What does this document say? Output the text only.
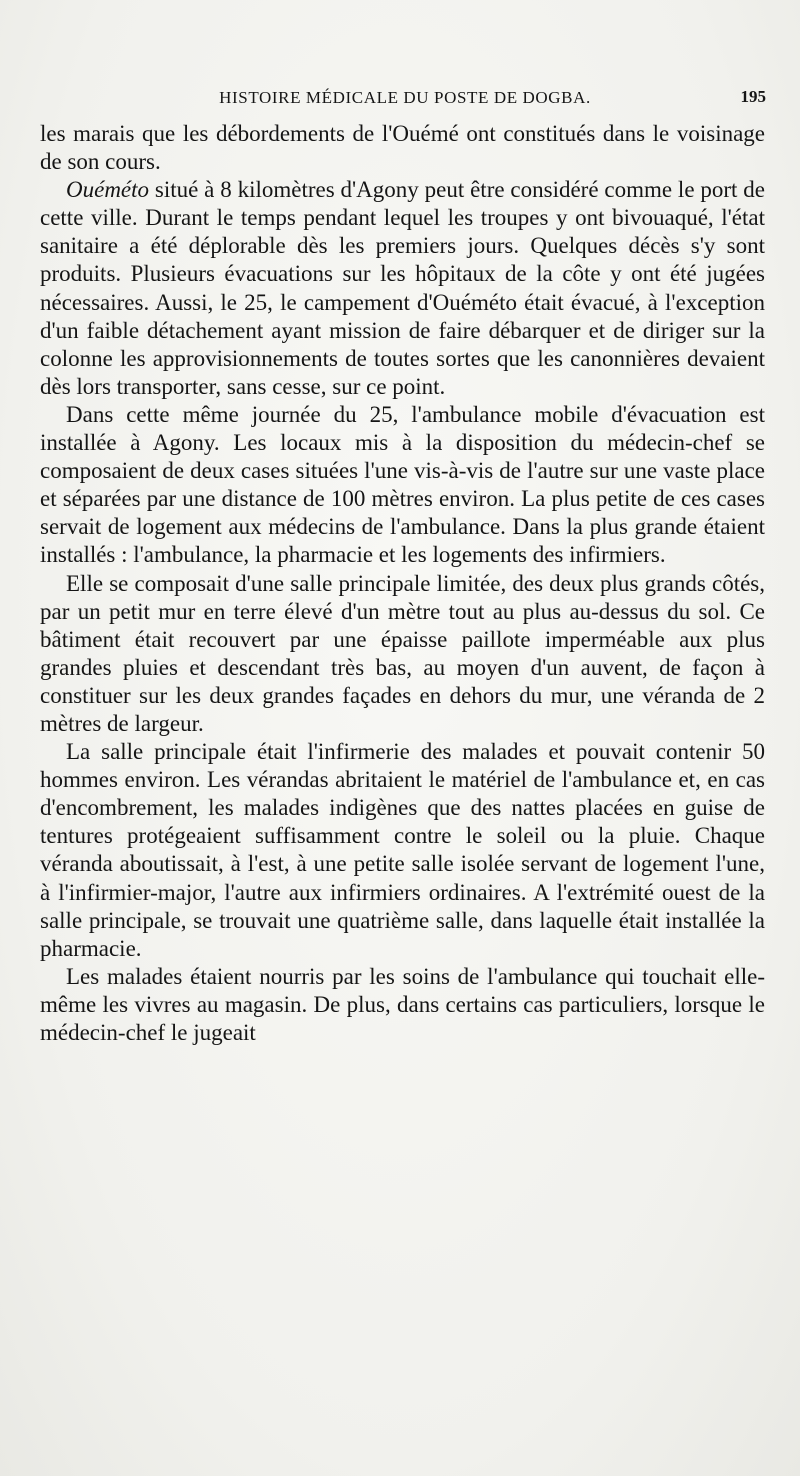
HISTOIRE MÉDICALE DU POSTE DE DOGBA.	195

les marais que les débordements de l'Ouémé ont constitués dans le voisinage de son cours.

Ouéméto situé à 8 kilomètres d'Agony peut être considéré comme le port de cette ville. Durant le temps pendant lequel les troupes y ont bivouaqué, l'état sanitaire a été déplorable dès les premiers jours. Quelques décès s'y sont produits. Plusieurs évacuations sur les hôpitaux de la côte y ont été jugées nécessaires. Aussi, le 25, le campement d'Ouéméto était évacué, à l'exception d'un faible détachement ayant mission de faire débarquer et de diriger sur la colonne les approvisionnements de toutes sortes que les canonnières devaient dès lors transporter, sans cesse, sur ce point.

Dans cette même journée du 25, l'ambulance mobile d'évacuation est installée à Agony. Les locaux mis à la disposition du médecin-chef se composaient de deux cases situées l'une vis-à-vis de l'autre sur une vaste place et séparées par une distance de 100 mètres environ. La plus petite de ces cases servait de logement aux médecins de l'ambulance. Dans la plus grande étaient installés : l'ambulance, la pharmacie et les logements des infirmiers.

Elle se composait d'une salle principale limitée, des deux plus grands côtés, par un petit mur en terre élevé d'un mètre tout au plus au-dessus du sol. Ce bâtiment était recouvert par une épaisse paillote imperméable aux plus grandes pluies et descendant très bas, au moyen d'un auvent, de façon à constituer sur les deux grandes façades en dehors du mur, une véranda de 2 mètres de largeur.

La salle principale était l'infirmerie des malades et pouvait contenir 50 hommes environ. Les vérandas abritaient le matériel de l'ambulance et, en cas d'encombrement, les malades indigènes que des nattes placées en guise de tentures protégeaient suffisamment contre le soleil ou la pluie. Chaque véranda aboutissait, à l'est, à une petite salle isolée servant de logement l'une, à l'infirmier-major, l'autre aux infirmiers ordinaires. A l'extrémité ouest de la salle principale, se trouvait une quatrième salle, dans laquelle était installée la pharmacie.

Les malades étaient nourris par les soins de l'ambulance qui touchait elle-même les vivres au magasin. De plus, dans certains cas particuliers, lorsque le médecin-chef le jugeait
